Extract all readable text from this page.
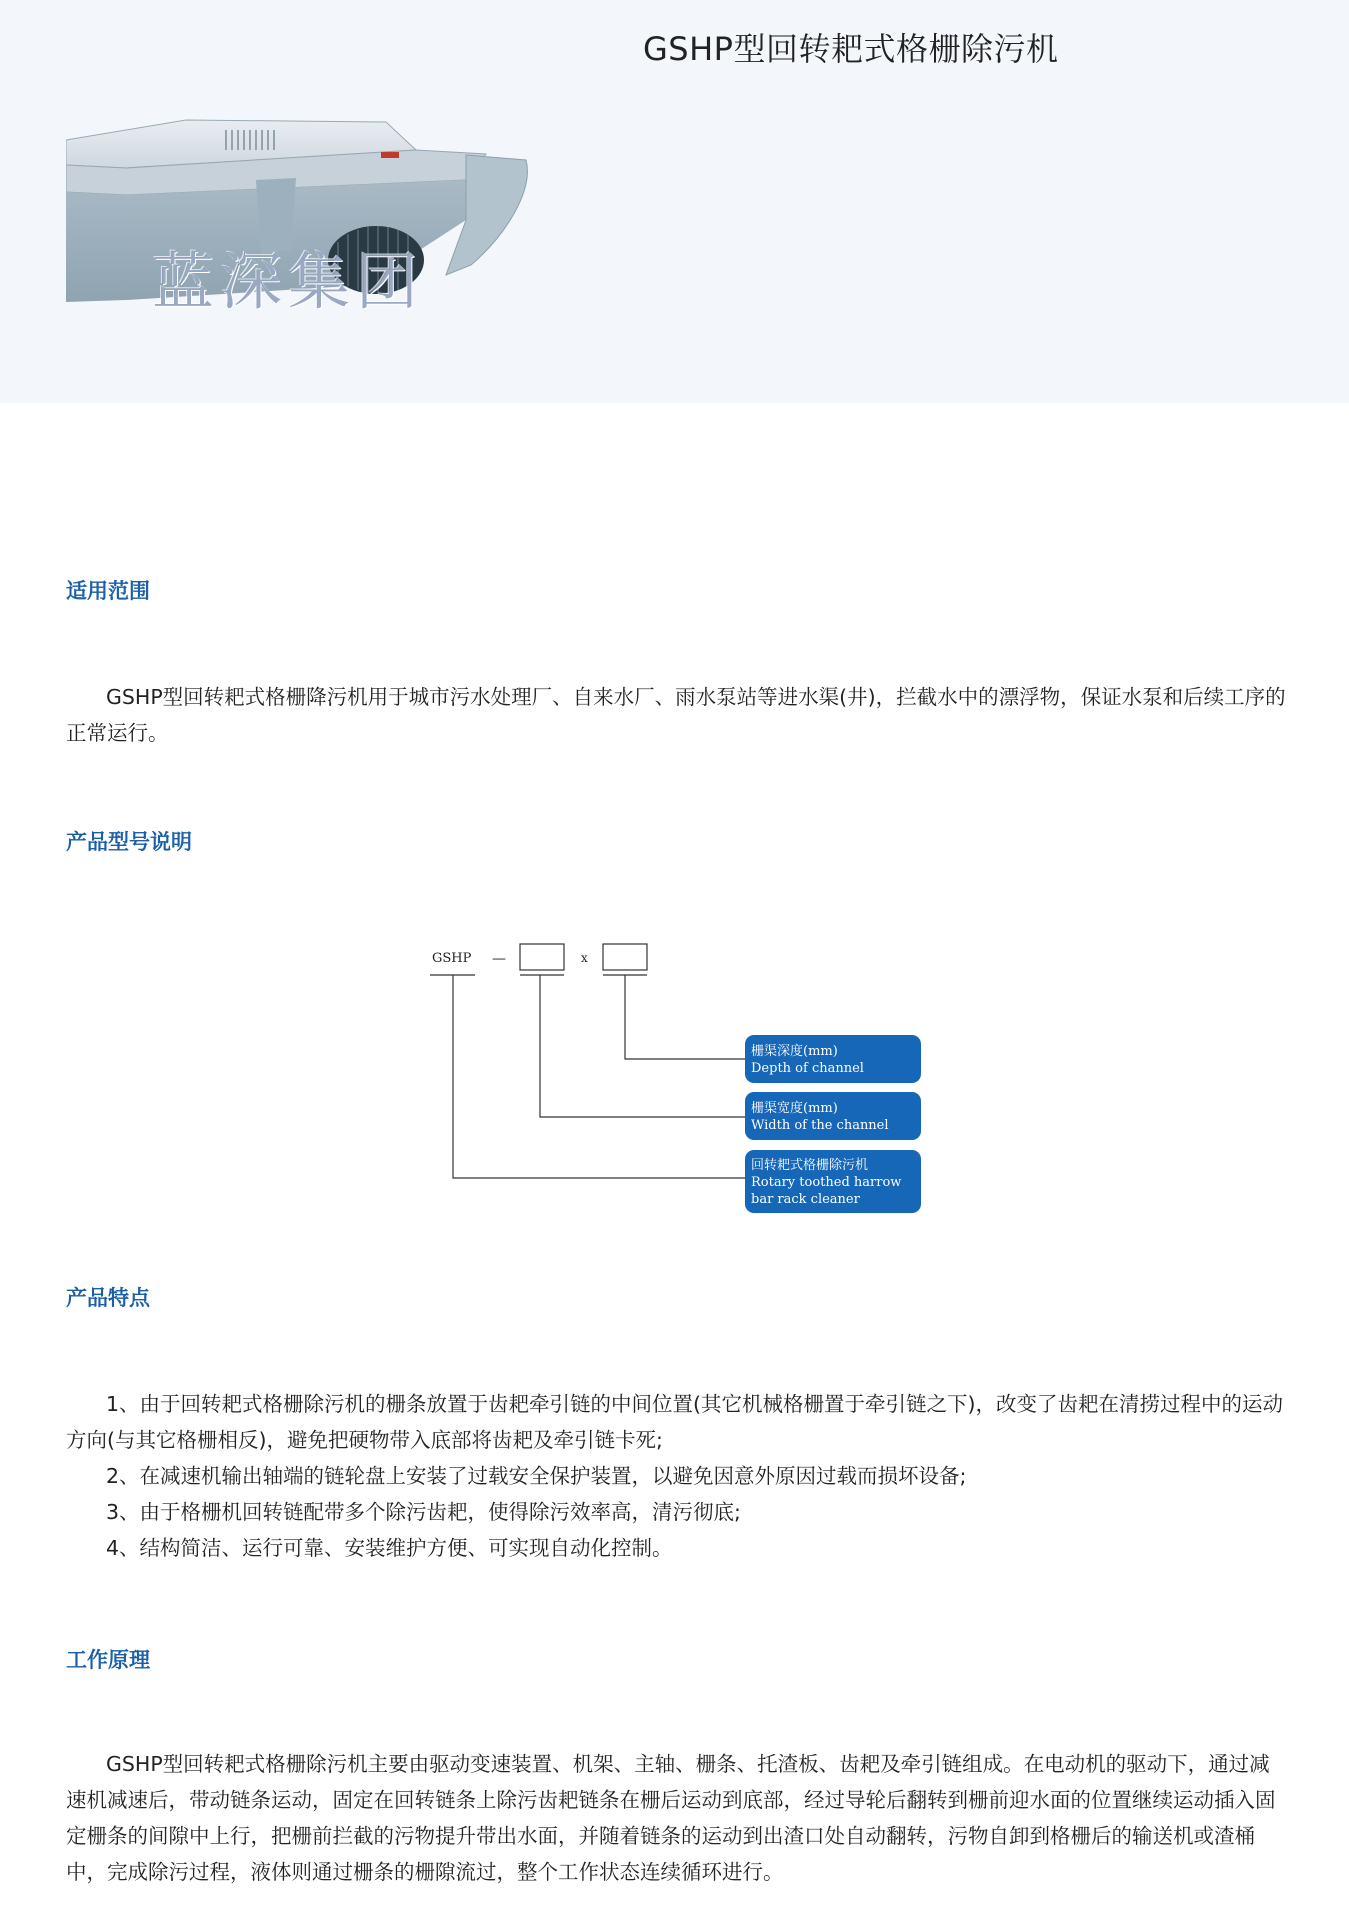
GSHP型回转耙式格栅除污机
蓝深集团
适用范围

GSHP型回转耙式格栅降污机用于城市污水处理厂、自来水厂、雨水泵站等进水渠(井)，拦截水中的漂浮物，保证水泵和后续工序的正常运行。

产品型号说明
GSHP —	x
栅渠深度(mm)
Depth of channel
栅渠宽度(mm)
Width of the channel
回转耙式格栅除污机
Rotary toothed harrow
bar rack cleaner
产品特点

1、由于回转耙式格栅除污机的栅条放置于齿耙牵引链的中间位置(其它机械格栅置于牵引链之下)，改变了齿耙在清捞过程中的运动方向(与其它格栅相反)，避免把硬物带入底部将齿耙及牵引链卡死;

2、在减速机输出轴端的链轮盘上安装了过载安全保护装置，以避免因意外原因过载而损坏设备;

3、由于格栅机回转链配带多个除污齿耙，使得除污效率高，清污彻底;

4、结构简洁、运行可靠、安装维护方便、可实现自动化控制。

工作原理

GSHP型回转耙式格栅除污机主要由驱动变速装置、机架、主轴、栅条、托渣板、齿耙及牵引链组成。在电动机的驱动下，通过减速机减速后，带动链条运动，固定在回转链条上除污齿耙链条在栅后运动到底部，经过导轮后翻转到栅前迎水面的位置继续运动插入固定栅条的间隙中上行，把栅前拦截的污物提升带出水面，并随着链条的运动到出渣口处自动翻转，污物自卸到格栅后的输送机或渣桶中，完成除污过程，液体则通过栅条的栅隙流过，整个工作状态连续循环进行。
